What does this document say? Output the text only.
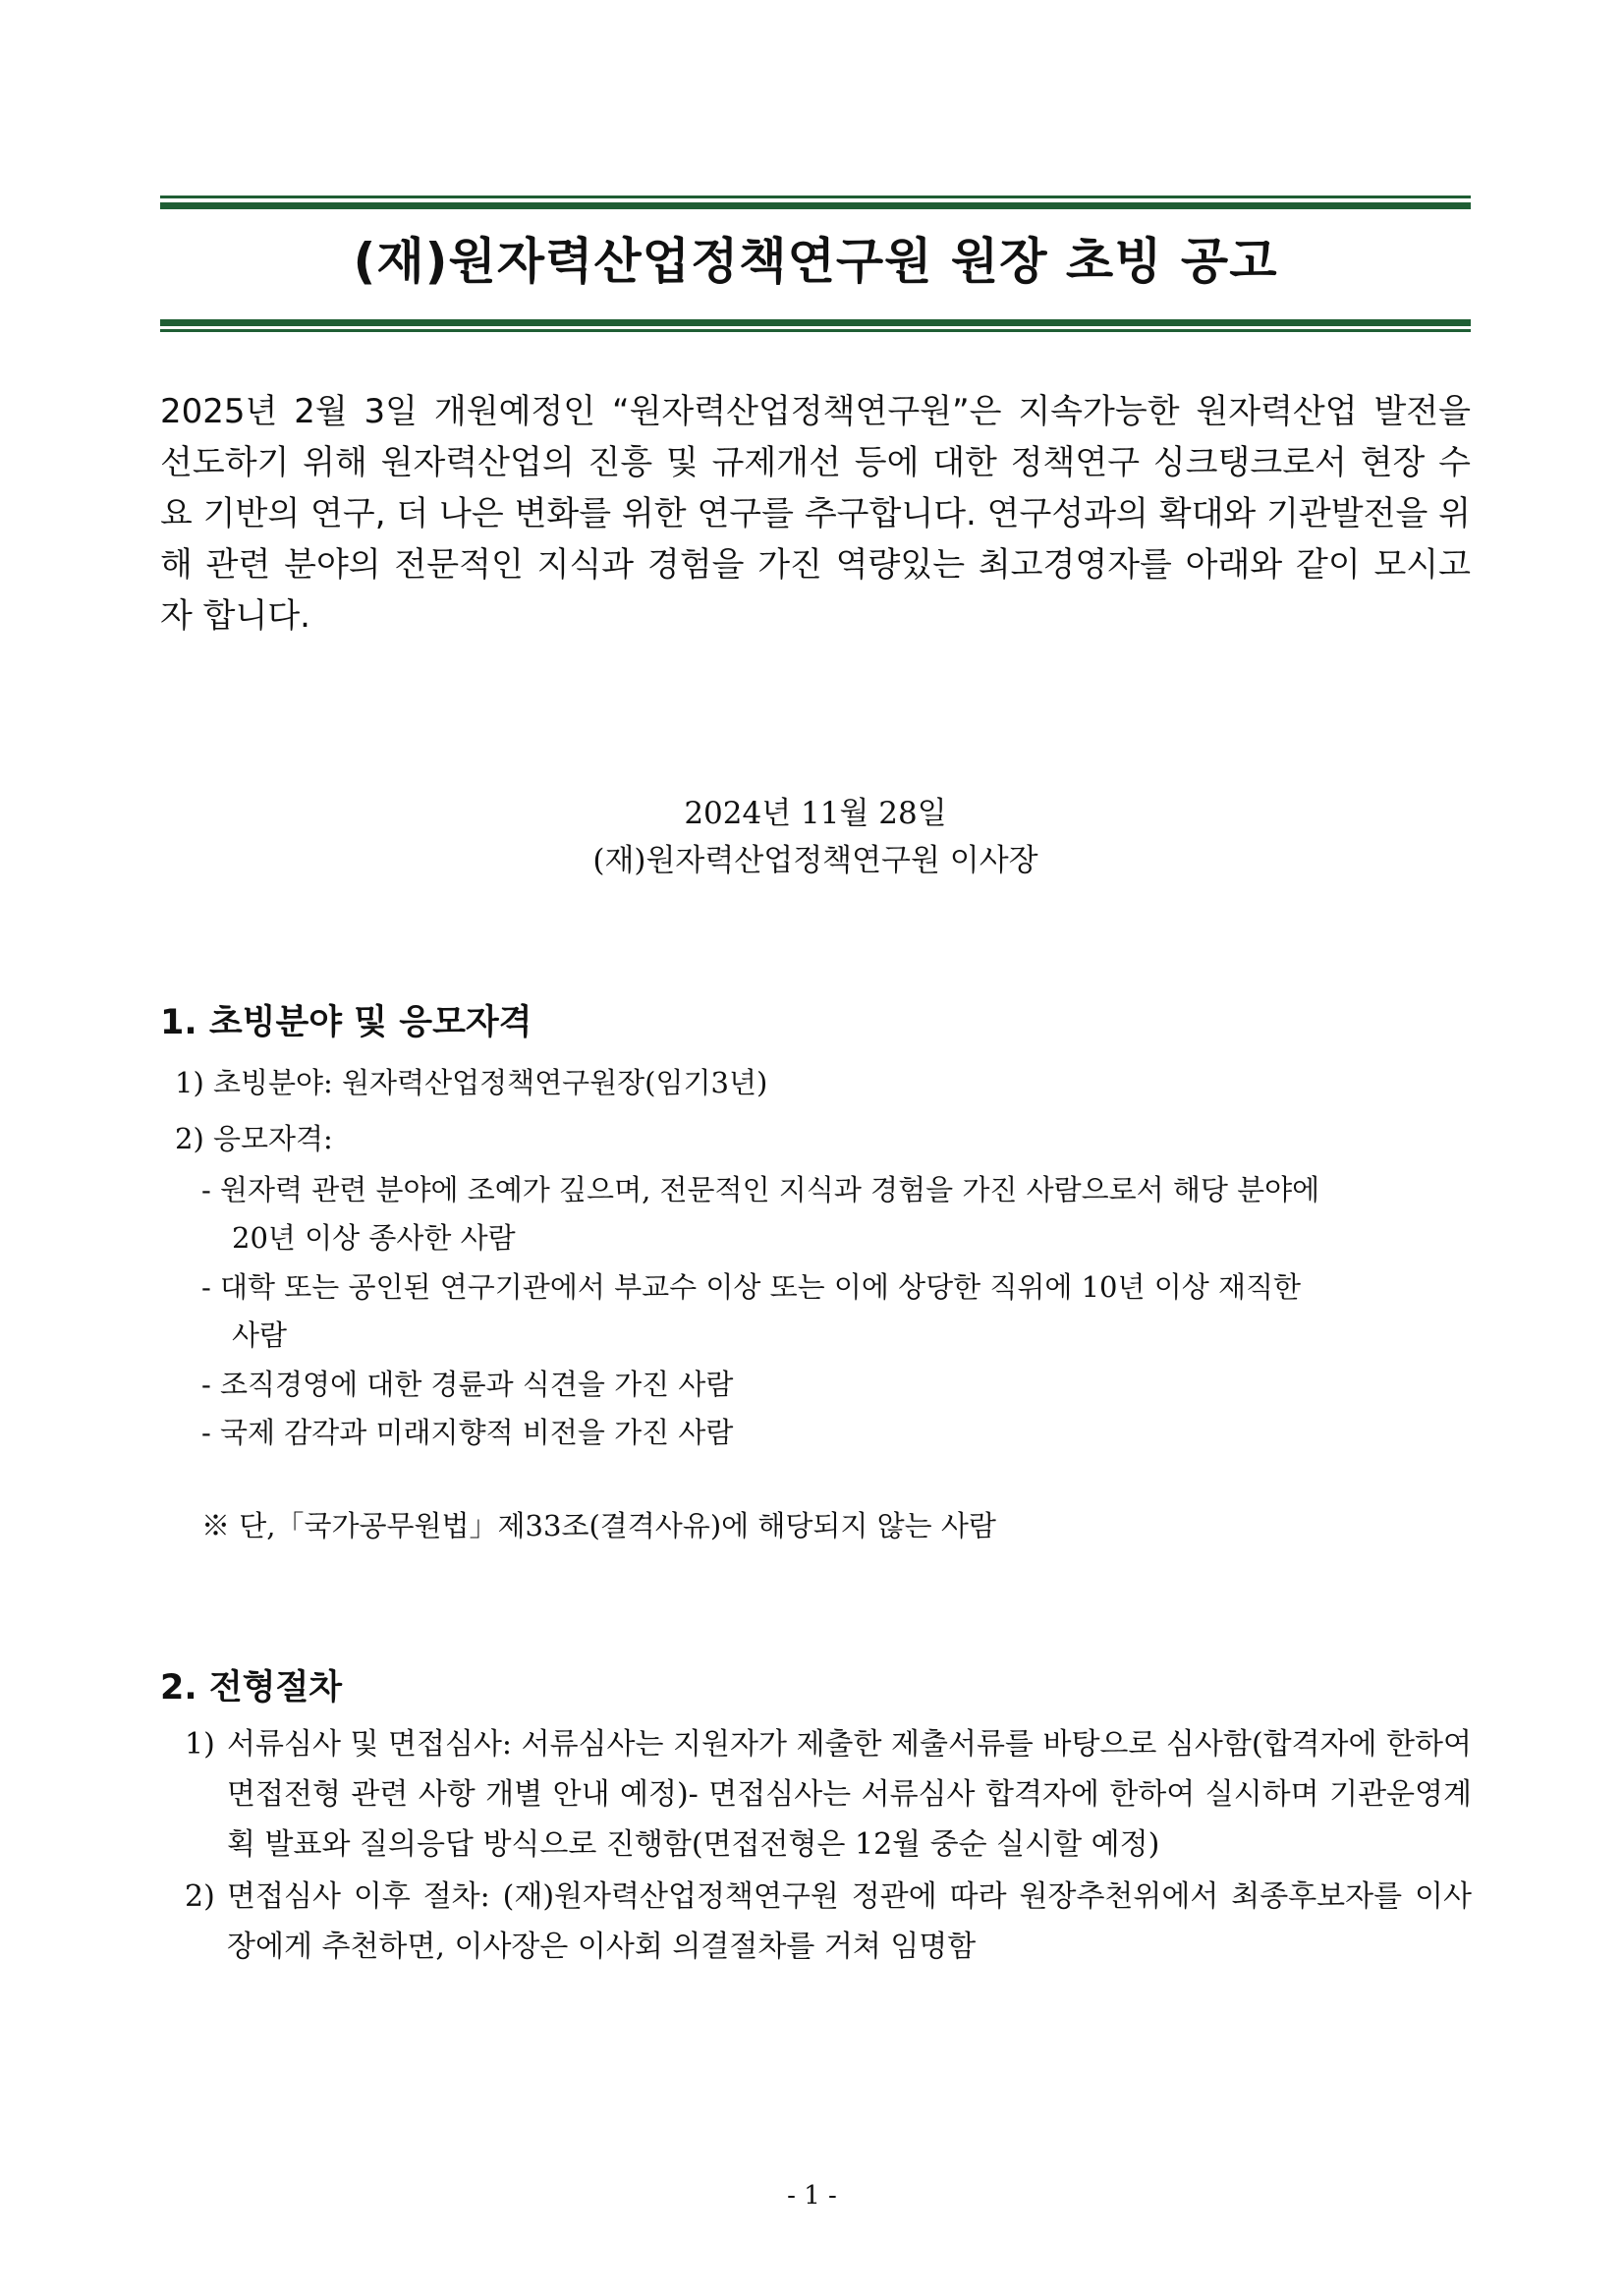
(재)원자력산업정책연구원 원장 초빙 공고
2025년 2월 3일 개원예정인 “원자력산업정책연구원”은 지속가능한 원자력산업 발전을 선도하기 위해 원자력산업의 진흥 및 규제개선 등에 대한 정책연구 싱크탱크로서 현장 수요 기반의 연구, 더 나은 변화를 위한 연구를 추구합니다. 연구성과의 확대와 기관발전을 위해 관련 분야의 전문적인 지식과 경험을 가진 역량있는 최고경영자를 아래와 같이 모시고자 합니다.
2024년 11월 28일
(재)원자력산업정책연구원 이사장
1. 초빙분야 및 응모자격
1) 초빙분야: 원자력산업정책연구원장(임기3년)
2) 응모자격:
- 원자력 관련 분야에 조예가 깊으며, 전문적인 지식과 경험을 가진 사람으로서 해당 분야에
20년 이상 종사한 사람
- 대학 또는 공인된 연구기관에서 부교수 이상 또는 이에 상당한 직위에 10년 이상 재직한
사람
- 조직경영에 대한 경륜과 식견을 가진 사람
- 국제 감각과 미래지향적 비전을 가진 사람
※ 단,「국가공무원법」제33조(결격사유)에 해당되지 않는 사람
2. 전형절차
1) 서류심사 및 면접심사: 서류심사는 지원자가 제출한 제출서류를 바탕으로 심사함(합격자에 한하여 면접전형 관련 사항 개별 안내 예정)- 면접심사는 서류심사 합격자에 한하여 실시하며 기관운영계획 발표와 질의응답 방식으로 진행함(면접전형은 12월 중순 실시할 예정)
2) 면접심사 이후 절차: (재)원자력산업정책연구원 정관에 따라 원장추천위에서 최종후보자를 이사장에게 추천하면, 이사장은 이사회 의결절차를 거쳐 임명함
- 1 -
